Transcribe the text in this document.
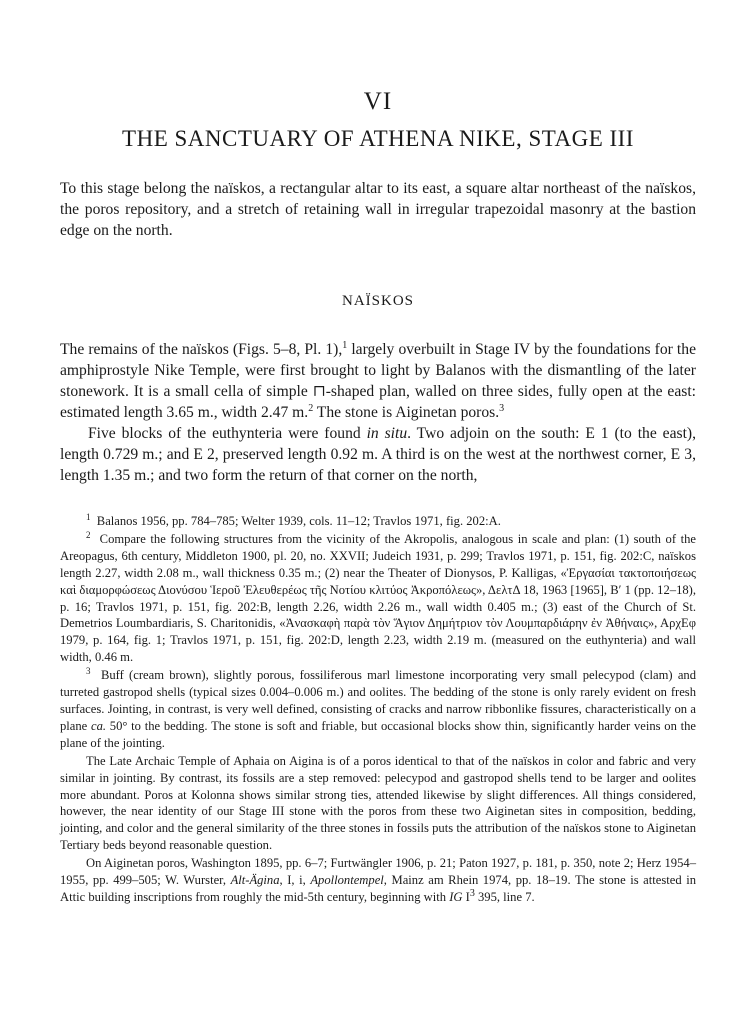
VI
THE SANCTUARY OF ATHENA NIKE, STAGE III

To this stage belong the naïskos, a rectangular altar to its east, a square altar northeast of the naïskos, the poros repository, and a stretch of retaining wall in irregular trapezoidal masonry at the bastion edge on the north.

NAÏSKOS

The remains of the naïskos (Figs. 5–8, Pl. 1),$^1$ largely overbuilt in Stage IV by the foundations for the amphiprostyle Nike Temple, were first brought to light by Balanos with the dismantling of the later stonework. It is a small cella of simple ⊓-shaped plan, walled on three sides, fully open at the east: estimated length 3.65 m., width 2.47 m.$^2$ The stone is Aiginetan poros.$^3$

Five blocks of the euthynteria were found in situ. Two adjoin on the south: E 1 (to the east), length 0.729 m.; and E 2, preserved length 0.92 m. A third is on the west at the northwest corner, E 3, length 1.35 m.; and two form the return of that corner on the north,

$^1$ Balanos 1956, pp. 784–785; Welter 1939, cols. 11–12; Travlos 1971, fig. 202:A.

$^2$ Compare the following structures from the vicinity of the Akropolis, analogous in scale and plan: (1) south of the Areopagus, 6th century, Middleton 1900, pl. 20, no. XXVII; Judeich 1931, p. 299; Travlos 1971, p. 151, fig. 202:C, naïskos length 2.27, width 2.08 m., wall thickness 0.35 m.; (2) near the Theater of Dionysos, P. Kalligas, «Ἐργασίαι τακτοποιήσεως καὶ διαμορφώσεως Διονύσου Ἱεροῦ Ἐλευθερέως τῆς Νοτίου κλιτύος Ἀκροπόλεως», ΔελτΔ 18, 1963 [1965], Β′ 1 (pp. 12–18), p. 16; Travlos 1971, p. 151, fig. 202:B, length 2.26, width 2.26 m., wall width 0.405 m.; (3) east of the Church of St. Demetrios Loumbardiaris, S. Charitonidis, «Ἀνασκαφὴ παρὰ τὸν Ἅγιον Δημήτριον τὸν Λουμπαρδιάρην ἐν Ἀθήναις», ΑρχΕφ 1979, p. 164, fig. 1; Travlos 1971, p. 151, fig. 202:D, length 2.23, width 2.19 m. (measured on the euthynteria) and wall width, 0.46 m.

$^3$ Buff (cream brown), slightly porous, fossiliferous marl limestone incorporating very small pelecypod (clam) and turreted gastropod shells (typical sizes 0.004–0.006 m.) and oolites. The bedding of the stone is only rarely evident on fresh surfaces. Jointing, in contrast, is very well defined, consisting of cracks and narrow ribbonlike fissures, characteristically on a plane ca. 50° to the bedding. The stone is soft and friable, but occasional blocks show thin, significantly harder veins on the plane of the jointing.

The Late Archaic Temple of Aphaia on Aigina is of a poros identical to that of the naïskos in color and fabric and very similar in jointing. By contrast, its fossils are a step removed: pelecypod and gastropod shells tend to be larger and oolites more abundant. Poros at Kolonna shows similar strong ties, attended likewise by slight differences. All things considered, however, the near identity of our Stage III stone with the poros from these two Aiginetan sites in composition, bedding, jointing, and color and the general similarity of the three stones in fossils puts the attribution of the naïskos stone to Aiginetan Tertiary beds beyond reasonable question.

On Aiginetan poros, Washington 1895, pp. 6–7; Furtwängler 1906, p. 21; Paton 1927, p. 181, p. 350, note 2; Herz 1954–1955, pp. 499–505; W. Wurster, Alt-Ägina, I, i, Apollontempel, Mainz am Rhein 1974, pp. 18–19. The stone is attested in Attic building inscriptions from roughly the mid-5th century, beginning with IG $I^3$ 395, line 7.
